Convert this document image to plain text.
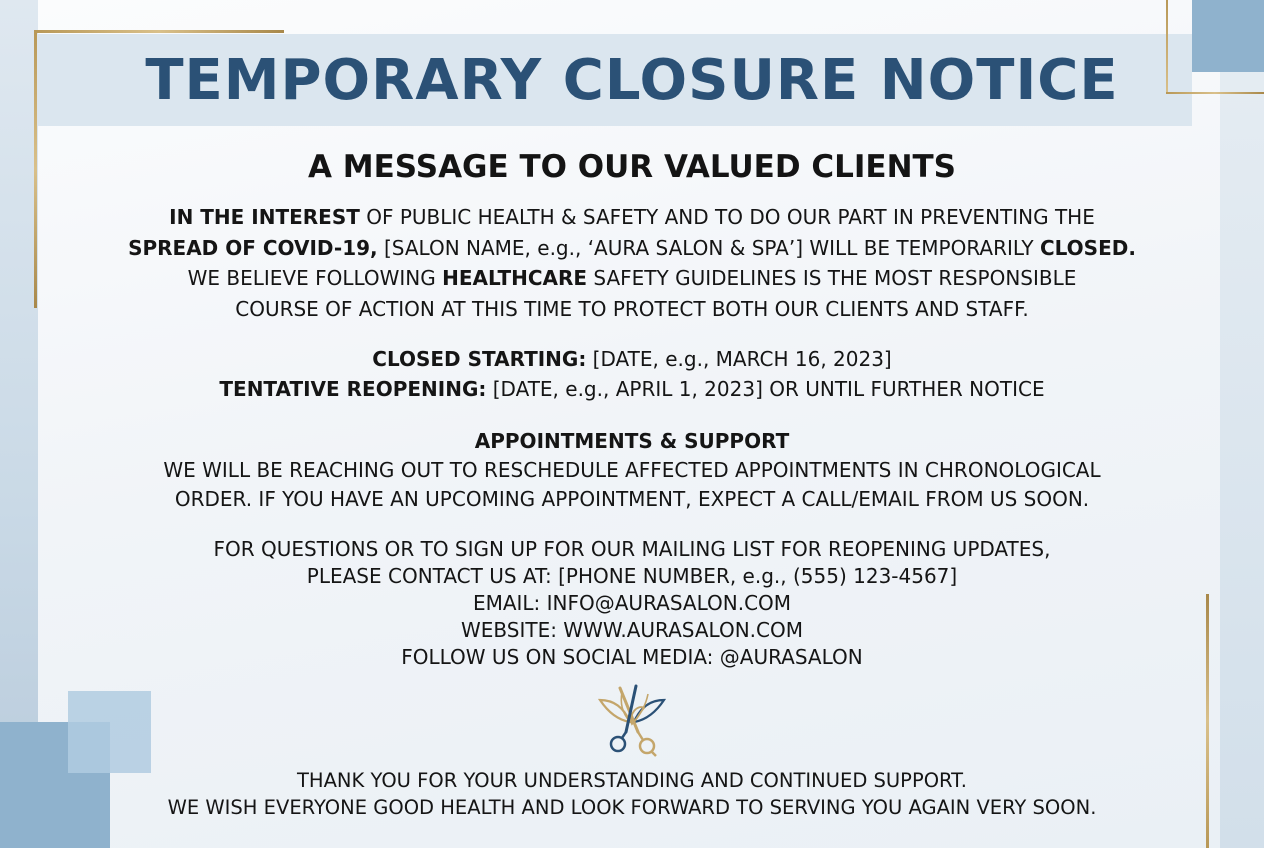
TEMPORARY CLOSURE NOTICE
A MESSAGE TO OUR VALUED CLIENTS
IN THE INTEREST OF PUBLIC HEALTH & SAFETY AND TO DO OUR PART IN PREVENTING THE
SPREAD OF COVID-19, [SALON NAME, e.g., ‘AURA SALON & SPA’] WILL BE TEMPORARILY CLOSED.
WE BELIEVE FOLLOWING HEALTHCARE SAFETY GUIDELINES IS THE MOST RESPONSIBLE
COURSE OF ACTION AT THIS TIME TO PROTECT BOTH OUR CLIENTS AND STAFF.
CLOSED STARTING: [DATE, e.g., MARCH 16, 2023]
TENTATIVE REOPENING: [DATE, e.g., APRIL 1, 2023] OR UNTIL FURTHER NOTICE
APPOINTMENTS & SUPPORT
WE WILL BE REACHING OUT TO RESCHEDULE AFFECTED APPOINTMENTS IN CHRONOLOGICAL
ORDER. IF YOU HAVE AN UPCOMING APPOINTMENT, EXPECT A CALL/EMAIL FROM US SOON.
FOR QUESTIONS OR TO SIGN UP FOR OUR MAILING LIST FOR REOPENING UPDATES,
PLEASE CONTACT US AT: [PHONE NUMBER, e.g., (555) 123-4567]
EMAIL: INFO@AURASALON.COM
WEBSITE: WWW.AURASALON.COM
FOLLOW US ON SOCIAL MEDIA: @AURASALON
THANK YOU FOR YOUR UNDERSTANDING AND CONTINUED SUPPORT.
WE WISH EVERYONE GOOD HEALTH AND LOOK FORWARD TO SERVING YOU AGAIN VERY SOON.
